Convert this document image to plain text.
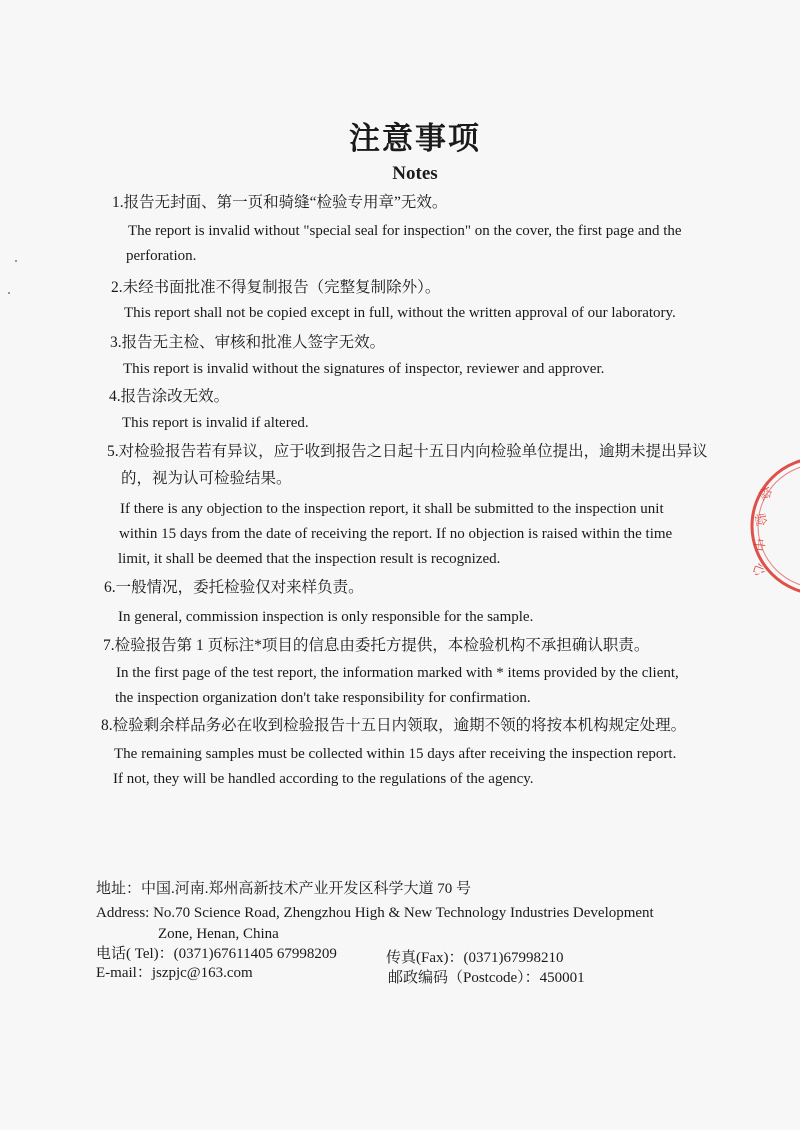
注意事项
Notes
1.报告无封面、第一页和骑缝“检验专用章”无效。
The report is invalid without "special seal for inspection" on the cover, the first page and the
perforation.
2.未经书面批准不得复制报告（完整复制除外）。
This report shall not be copied except in full, without the written approval of our laboratory.
3.报告无主检、审核和批准人签字无效。
This report is invalid without the signatures of inspector, reviewer and approver.
4.报告涂改无效。
This report is invalid if altered.
5.对检验报告若有异议，应于收到报告之日起十五日内向检验单位提出，逾期未提出异议
的，视为认可检验结果。
If there is any objection to the inspection report, it shall be submitted to the inspection unit
within 15 days from the date of receiving the report. If no objection is raised within the time
limit, it shall be deemed that the inspection result is recognized.
6.一般情况，委托检验仅对来样负责。
In general, commission inspection is only responsible for the sample.
7.检验报告第 1 页标注*项目的信息由委托方提供，本检验机构不承担确认职责。
In the first page of the test report, the information marked with * items provided by the client,
the inspection organization don't take responsibility for confirmation.
8.检验剩余样品务必在收到检验报告十五日内领取，逾期不领的将按本机构规定处理。
The remaining samples must be collected within 15 days after receiving the inspection report.
If not, they will be handled according to the regulations of the agency.
地址：中国.河南.郑州高新技术产业开发区科学大道 70 号
Address: No.70 Science Road, Zhengzhou High & New Technology Industries Development
Zone, Henan, China
电话( Tel)：(0371)67611405 67998209	传真(Fax)：(0371)67998210
E-mail：jszpjc@163.com	邮政编码（Postcode）：450001
检
验
中
心
